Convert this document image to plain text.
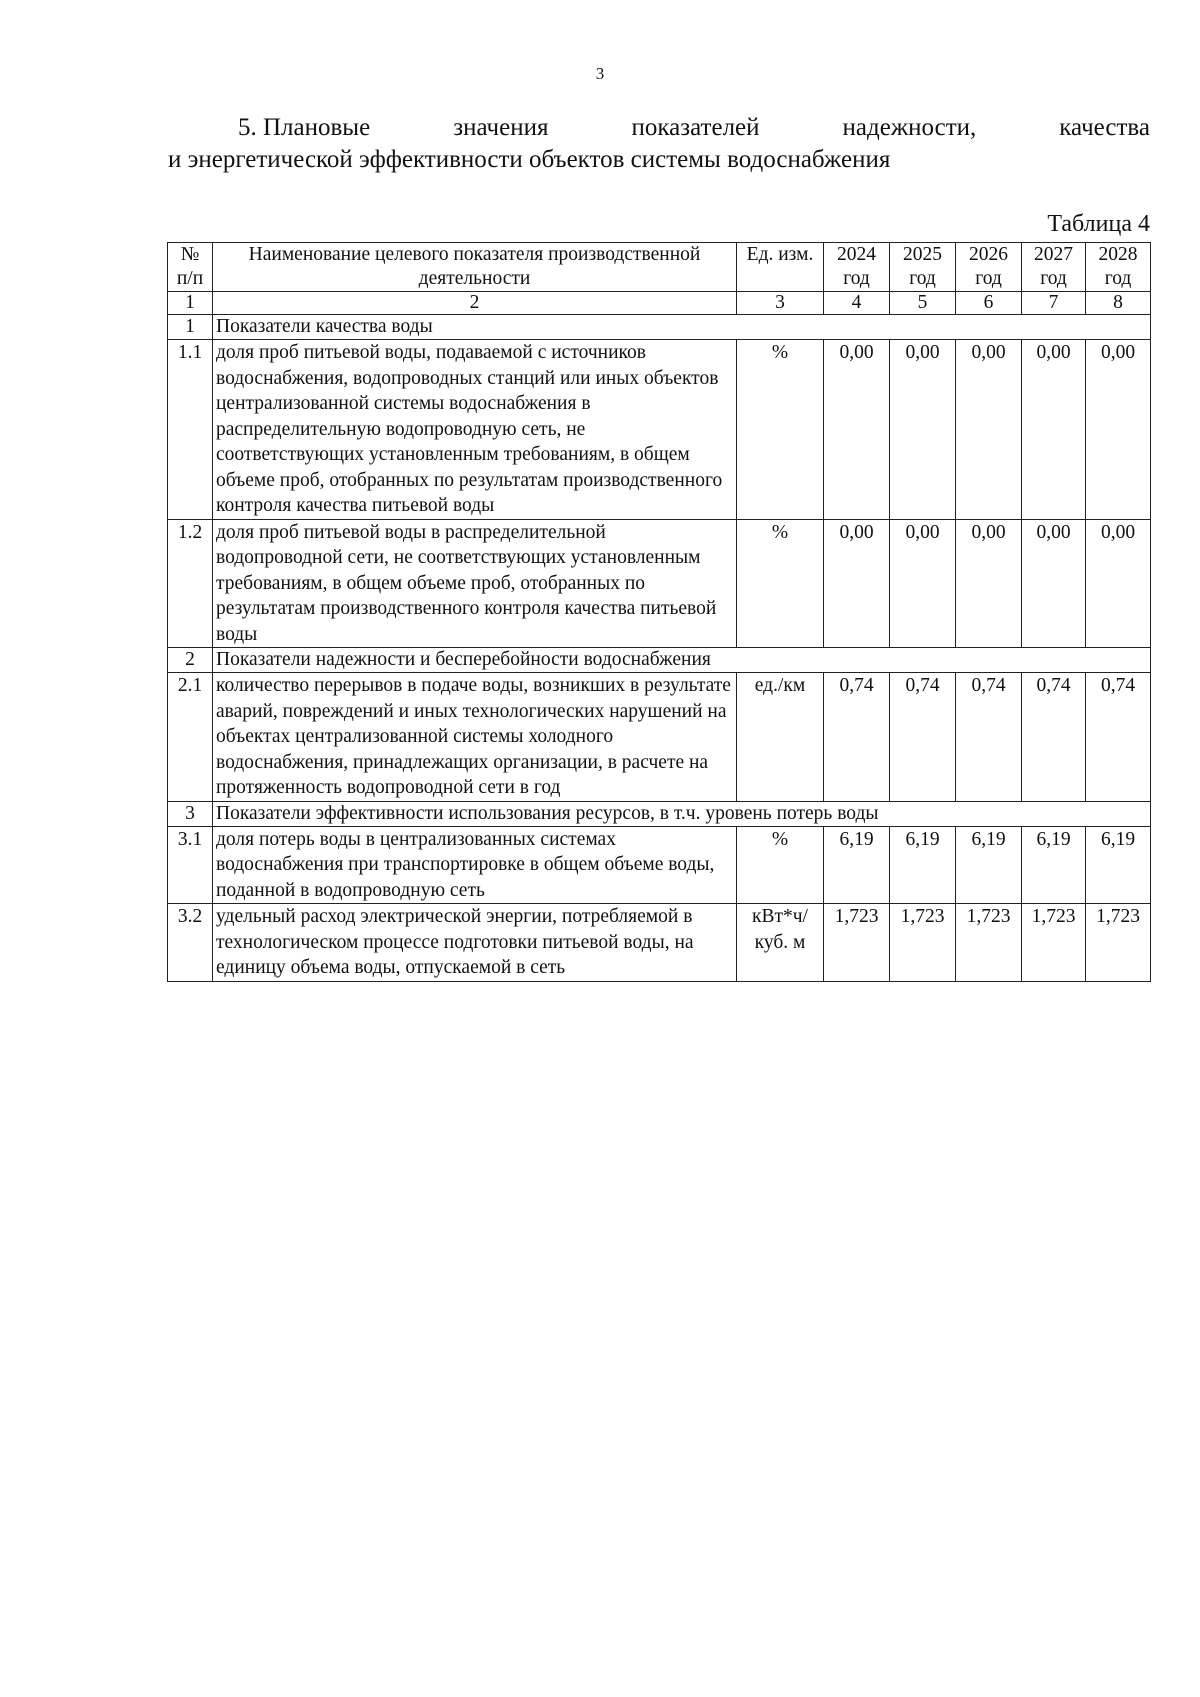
3
5. Плановые	значения	показателей	надежности,	качества
и энергетической эффективности объектов системы водоснабжения
Таблица 4
№ п/п	Наименование целевого показателя производственной деятельности	Ед. изм.	2024 год	2025 год	2026 год	2027 год	2028 год
1	2	3	4	5	6	7	8
1	Показатели качества воды						
1.1	доля проб питьевой воды, подаваемой с источников водоснабжения, водопроводных станций или иных объектов централизованной системы водоснабжения в распределительную водопроводную сеть, не соответствующих установленным требованиям, в общем объеме проб, отобранных по результатам производственного контроля качества питьевой воды	%	0,00	0,00	0,00	0,00	0,00
1.2	доля проб питьевой воды в распределительной водопроводной сети, не соответствующих установленным требованиям, в общем объеме проб, отобранных по результатам производственного контроля качества питьевой воды	%	0,00	0,00	0,00	0,00	0,00
2	Показатели надежности и бесперебойности водоснабжения						
2.1	количество перерывов в подаче воды, возникших в результате аварий, повреждений и иных технологических нарушений на объектах централизованной системы холодного водоснабжения, принадлежащих организации, в расчете на протяженность водопроводной сети в год	ед./км	0,74	0,74	0,74	0,74	0,74
3	Показатели эффективности использования ресурсов, в т.ч. уровень потерь воды						
3.1	доля потерь воды в централизованных системах водоснабжения при транспортировке в общем объеме воды, поданной в водопроводную сеть	%	6,19	6,19	6,19	6,19	6,19
3.2	удельный расход электрической энергии, потребляемой в технологическом процессе подготовки питьевой воды, на единицу объема воды, отпускаемой в сеть	кВт*ч/ куб. м	1,723	1,723	1,723	1,723	1,723
